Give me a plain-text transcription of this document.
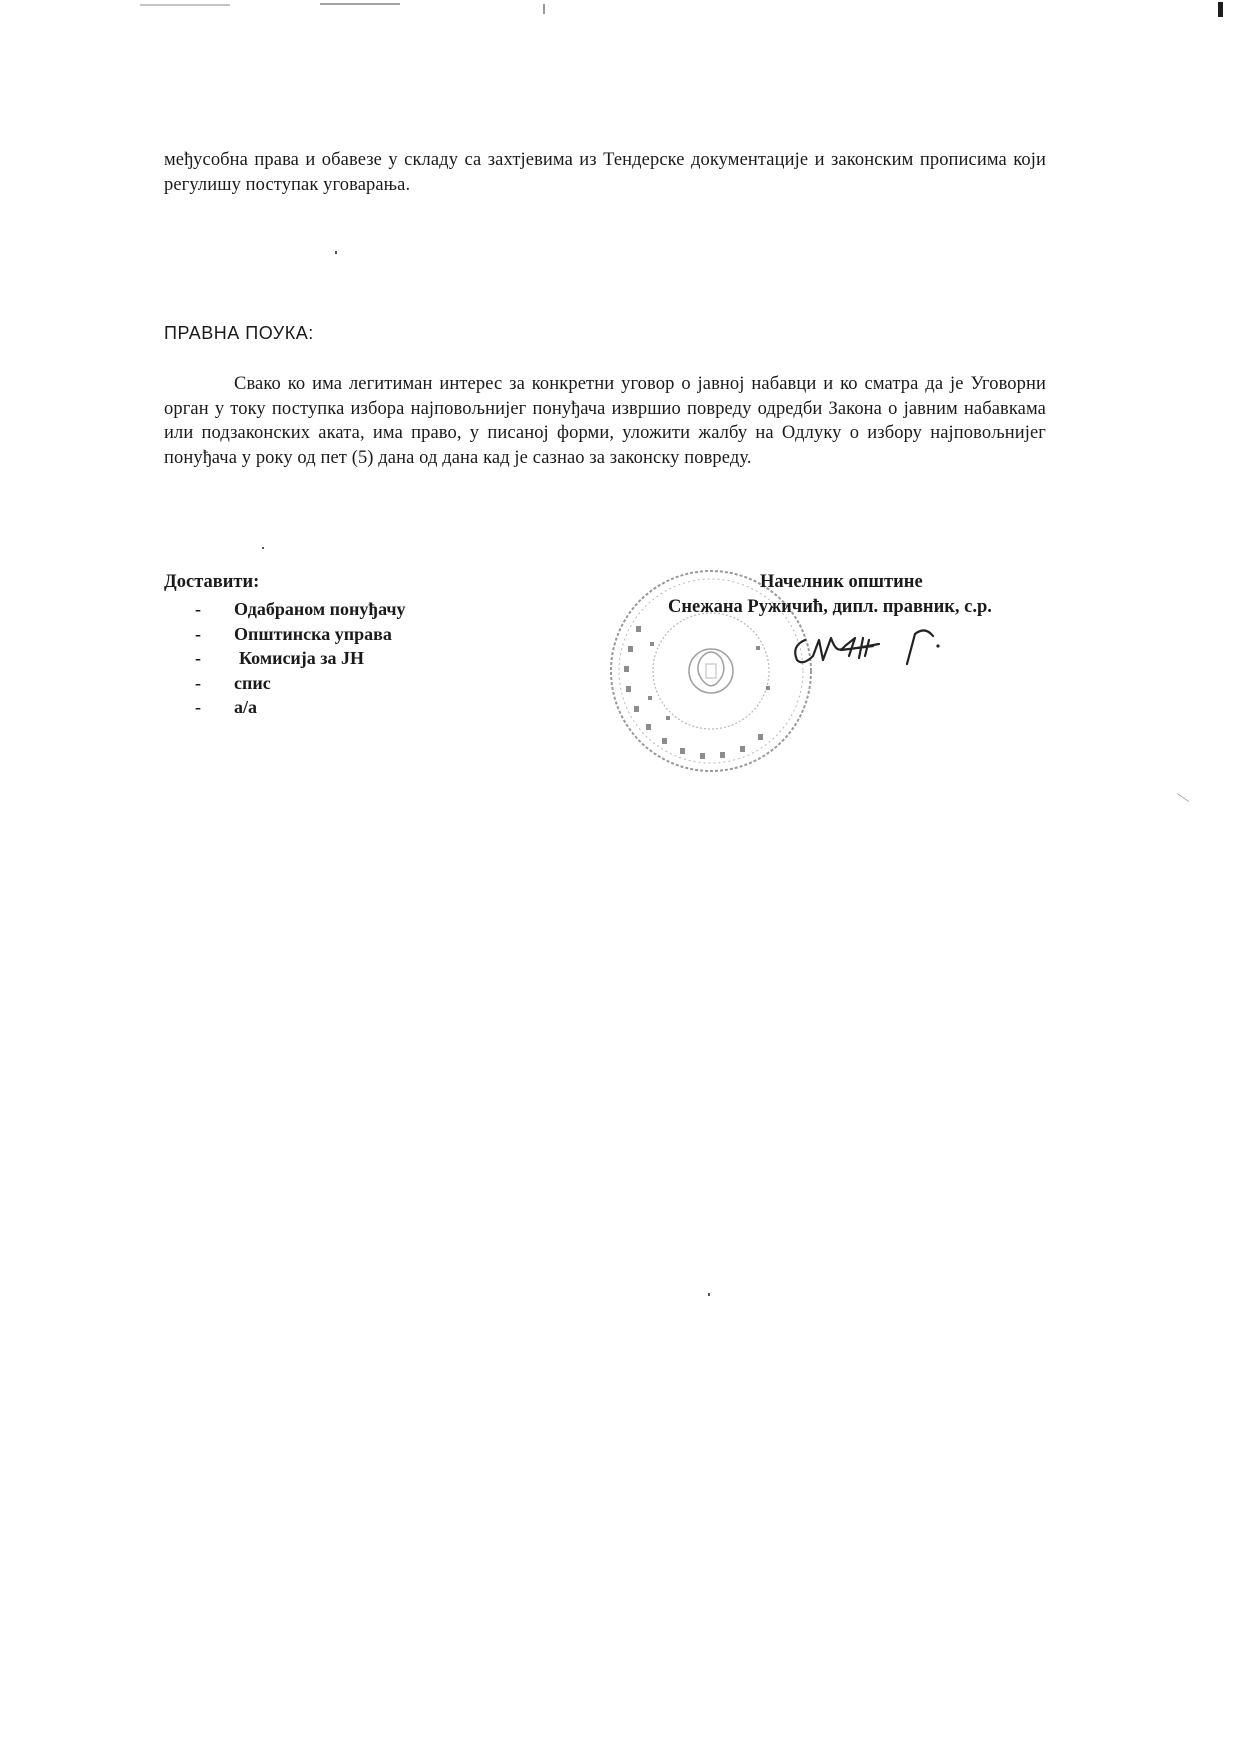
међусобна права и обавезе у складу са захтјевима из Тендерске документације и законским прописима који регулишу поступак уговарања.
ПРАВНА ПОУКА:
Свако ко има легитиман интерес за конкретни уговор о јавној набавци и ко сматра да је Уговорни орган у току поступка избора најповољнијег понуђача извршио повреду одредби Закона о јавним набавкама или подзаконских аката, има право, у писаној форми, уложити жалбу на Одлуку о избору најповољнијег понуђача у року од пет (5) дана од дана кад је сазнао за законску повреду.
Доставити:
-	Одабраном понуђачу
-	Општинска управа
-	Комисија за ЈН
-	спис
-	а/а
Начелник општине
Снежана Ружичић, дипл. правник, с.р.
